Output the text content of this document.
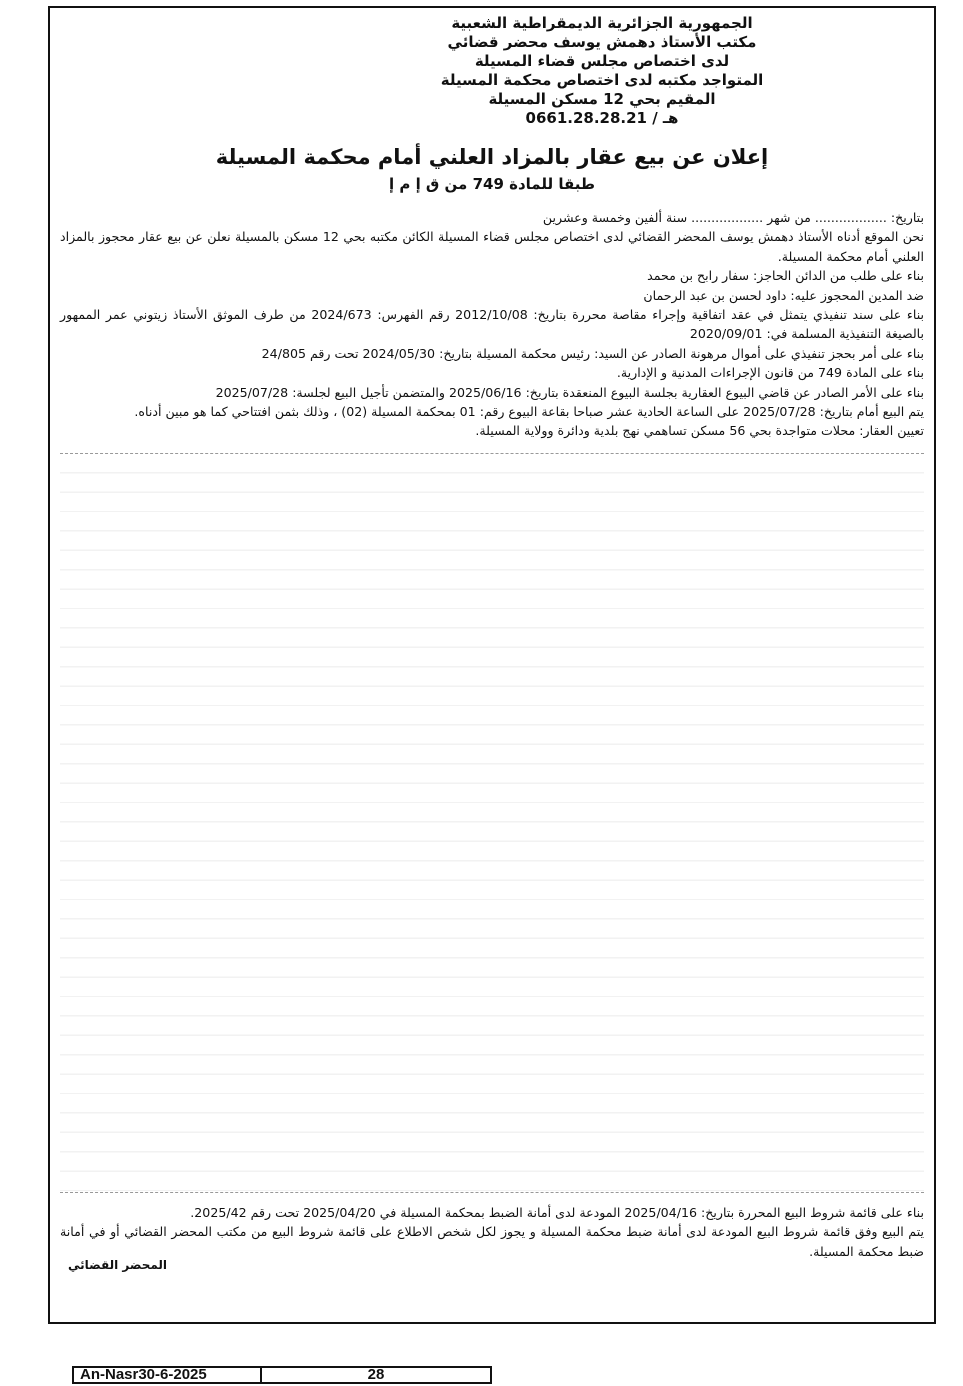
الجمهورية الجزائرية الديمقراطية الشعبية
مكتب الأستاذ دهمش يوسف محضر قضائي
لدى اختصاص مجلس قضاء المسيلة
المتواجد مكتبه لدى اختصاص محكمة المسيلة
المقيم بحي 12 مسكن المسيلة
هـ / 0661.28.28.21
إعلان عن بيع عقار بالمزاد العلني أمام محكمة المسيلة
طبقا للمادة 749 من ق إ م إ

بتاريخ: .................. من شهر .................. سنة ألفين وخمسة وعشرين

نحن الموقع أدناه الأستاذ دهمش يوسف المحضر القضائي لدى اختصاص مجلس قضاء المسيلة الكائن مكتبه بحي 12 مسكن بالمسيلة نعلن عن بيع عقار محجوز بالمزاد العلني أمام محكمة المسيلة.

بناء على طلب من الدائن الحاجز: سفار رابح بن محمد

ضد المدين المحجوز عليه: داود لحسن بن عبد الرحمان

بناء على سند تنفيذي يتمثل في عقد اتفاقية وإجراء مقاصة محررة بتاريخ: 2012/10/08 رقم الفهرس: 2024/673 من طرف الموثق الأستاذ زيتوني عمر الممهور بالصيغة التنفيذية المسلمة في: 2020/09/01

بناء على أمر بحجز تنفيذي على أموال مرهونة الصادر عن السيد: رئيس محكمة المسيلة بتاريخ: 2024/05/30 تحت رقم 24/805

بناء على المادة 749 من قانون الإجراءات المدنية و الإدارية.

بناء على الأمر الصادر عن قاضي البيوع العقارية بجلسة البيوع المنعقدة بتاريخ: 2025/06/16 والمتضمن تأجيل البيع لجلسة: 2025/07/28

يتم البيع أمام بتاريخ: 2025/07/28 على الساعة الحادية عشر صباحا بقاعة البيوع رقم: 01 بمحكمة المسيلة (02) ، وذلك بثمن افتتاحي كما هو مبين أدناه.

تعيين العقار: محلات متواجدة بحي 56 مسكن تساهمي نهج بلدية ودائرة وولاية المسيلة.

بناء على قائمة شروط البيع المحررة بتاريخ: 2025/04/16 المودعة لدى أمانة الضبط بمحكمة المسيلة في 2025/04/20 تحت رقم 2025/42.

يتم البيع وفق قائمة شروط البيع المودعة لدى أمانة ضبط محكمة المسيلة و يجوز لكل شخص الاطلاع على قائمة شروط البيع من مكتب المحضر القضائي أو في أمانة ضبط محكمة المسيلة.

المحضر القضائي
An-Nasr30-6-2025	28
